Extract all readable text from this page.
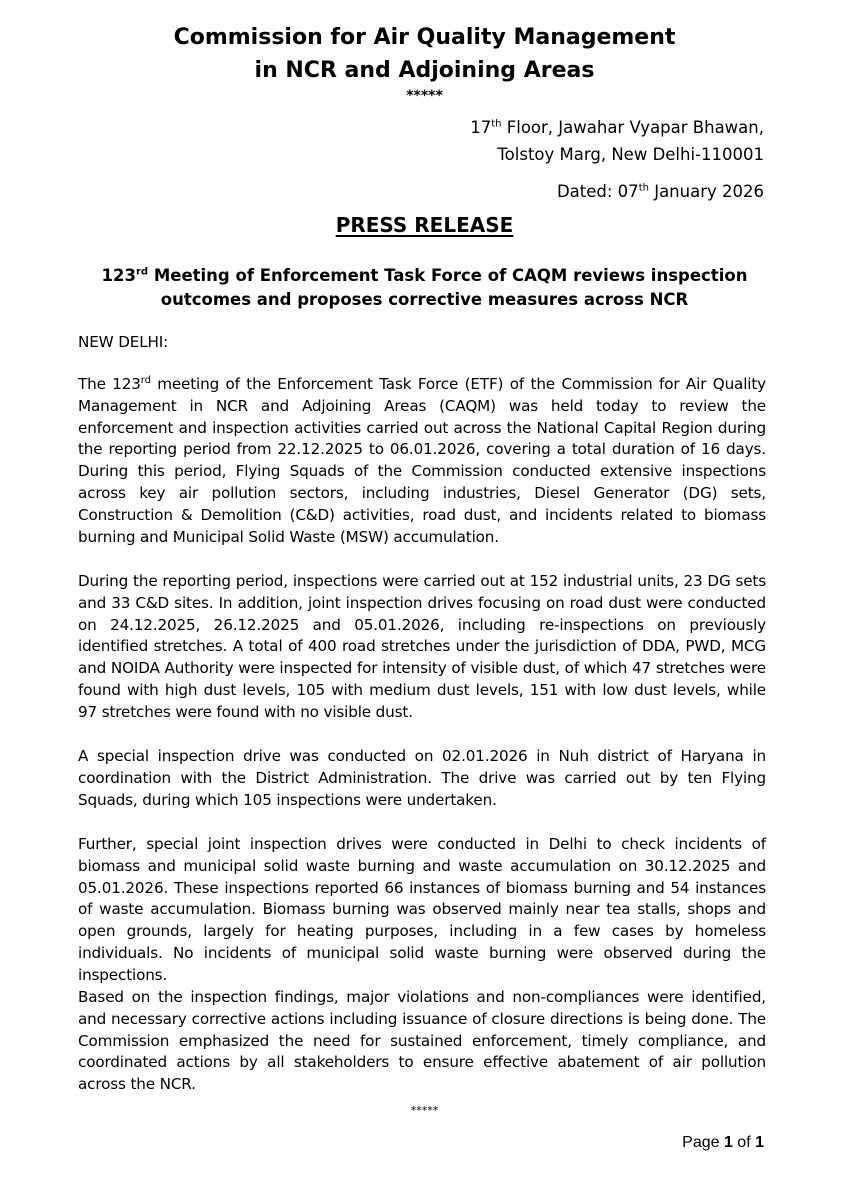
Commission for Air Quality Management
in NCR and Adjoining Areas
*****
17th Floor, Jawahar Vyapar Bhawan,
Tolstoy Marg, New Delhi-110001
Dated: 07th January 2026
PRESS RELEASE
123rd Meeting of Enforcement Task Force of CAQM reviews inspection outcomes and proposes corrective measures across NCR
NEW DELHI:
The 123rd meeting of the Enforcement Task Force (ETF) of the Commission for Air Quality Management in NCR and Adjoining Areas (CAQM) was held today to review the enforcement and inspection activities carried out across the National Capital Region during the reporting period from 22.12.2025 to 06.01.2026, covering a total duration of 16 days. During this period, Flying Squads of the Commission conducted extensive inspections across key air pollution sectors, including industries, Diesel Generator (DG) sets, Construction & Demolition (C&D) activities, road dust, and incidents related to biomass burning and Municipal Solid Waste (MSW) accumulation.
During the reporting period, inspections were carried out at 152 industrial units, 23 DG sets and 33 C&D sites. In addition, joint inspection drives focusing on road dust were conducted on 24.12.2025, 26.12.2025 and 05.01.2026, including re-inspections on previously identified stretches. A total of 400 road stretches under the jurisdiction of DDA, PWD, MCG and NOIDA Authority were inspected for intensity of visible dust, of which 47 stretches were found with high dust levels, 105 with medium dust levels, 151 with low dust levels, while 97 stretches were found with no visible dust.
A special inspection drive was conducted on 02.01.2026 in Nuh district of Haryana in coordination with the District Administration. The drive was carried out by ten Flying Squads, during which 105 inspections were undertaken.
Further, special joint inspection drives were conducted in Delhi to check incidents of biomass and municipal solid waste burning and waste accumulation on 30.12.2025 and 05.01.2026. These inspections reported 66 instances of biomass burning and 54 instances of waste accumulation. Biomass burning was observed mainly near tea stalls, shops and open grounds, largely for heating purposes, including in a few cases by homeless individuals. No incidents of municipal solid waste burning were observed during the inspections.
Based on the inspection findings, major violations and non-compliances were identified, and necessary corrective actions including issuance of closure directions is being done. The Commission emphasized the need for sustained enforcement, timely compliance, and coordinated actions by all stakeholders to ensure effective abatement of air pollution across the NCR.
*****
Page 1 of 1
